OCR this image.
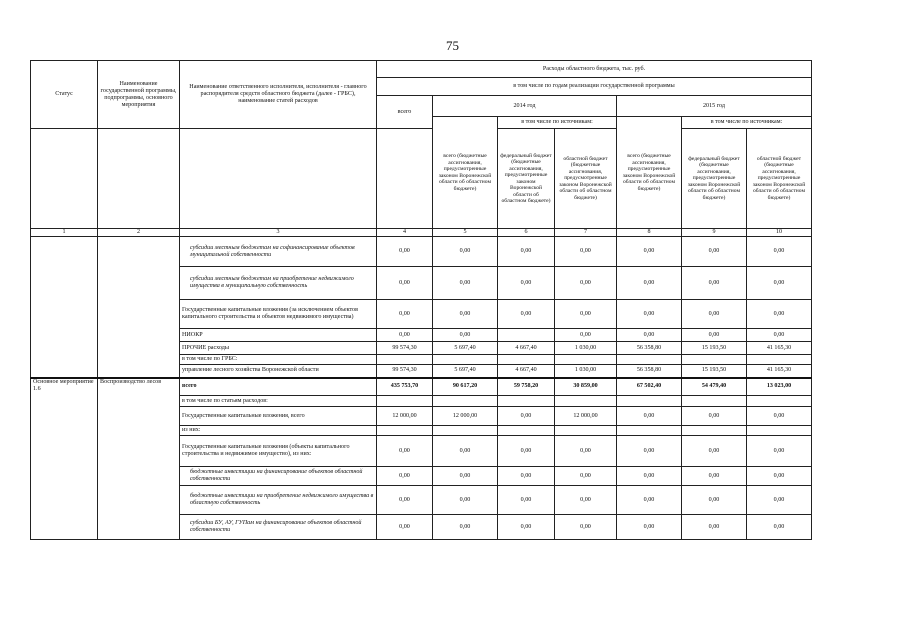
75
Статус	Наименование государственной программы, подпрограммы, основного мероприятия	Наименование ответственного исполнителя, исполнителя - главного распорядителя средств областного бюджета (далее - ГРБС), наименование статей расходов	Расходы областного бюджета, тыс. руб.						
			в том числе по годам реализации государственной программы						
			всего	2014 год			2015 год		
				всего (бюджетные ассигнования, предусмотренные законом Воронежской области об областном бюджете)	в том числе по источникам:		всего (бюджетные ассигнования, предусмотренные законом Воронежской области об областном бюджете)	в том числе по источникам:	
					федеральный бюджет (бюджетные ассигнования, предусмотренные законом Воронежской области об областном бюджете)	областной бюджет (бюджетные ассигнования, предусмотренные законом Воронежской области об областном бюджете)		федеральный бюджет (бюджетные ассигнования, предусмотренные законом Воронежской области об областном бюджете)	областной бюджет (бюджетные ассигнования, предусмотренные законом Воронежской области об областном бюджете)
1	2	3	4	5	6	7	8	9	10
		субсидии местным бюджетам на софинансирование объектов муниципальной собственности	0,00	0,00	0,00	0,00	0,00	0,00	0,00
		субсидии местным бюджетам на приобретение недвижимого имущества в муниципальную собственность	0,00	0,00	0,00	0,00	0,00	0,00	0,00
		Государственные капитальные вложения (за исключением объектов капитального строительства и объектов недвижимого имущества)	0,00	0,00	0,00	0,00	0,00	0,00	0,00
		НИОКР	0,00	0,00		0,00	0,00	0,00	0,00
		ПРОЧИЕ расходы	99 574,30	5 697,40	4 667,40	1 030,00	56 358,80	15 193,50	41 165,30
		в том числе по ГРБС:							
		управление лесного хозяйства Воронежской области	99 574,30	5 697,40	4 667,40	1 030,00	56 358,80	15 193,50	41 165,30
Основное мероприятие 1.6	Воспроизводство лесов	всего	435 753,70	90 617,20	59 758,20	30 859,00	67 502,40	54 479,40	13 023,00
		в том числе по статьям расходов:							
		Государственные капитальные вложения, всего	12 000,00	12 000,00	0,00	12 000,00	0,00	0,00	0,00
		из них:							
		Государственные капитальные вложения (объекты капитального строительства и недвижимое имущество), из них:	0,00	0,00	0,00	0,00	0,00	0,00	0,00
		бюджетные инвестиции на финансирование объектов областной собственности	0,00	0,00	0,00	0,00	0,00	0,00	0,00
		бюджетные инвестиции на приобретение недвижимого имущества в областную собственность	0,00	0,00	0,00	0,00	0,00	0,00	0,00
		субсидии БУ, АУ, ГУПам на финансирование объектов областной собственности	0,00	0,00	0,00	0,00	0,00	0,00	0,00
